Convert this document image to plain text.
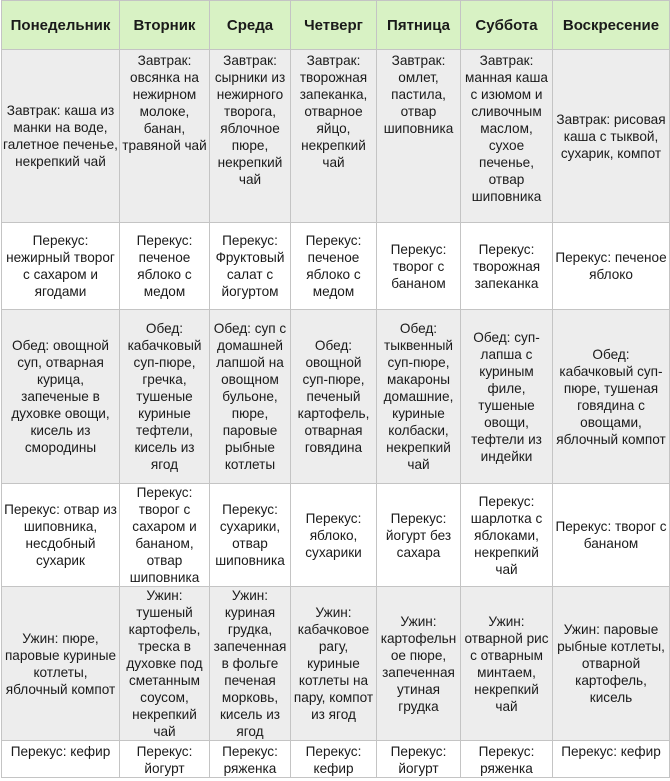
Понедельник	Вторник	Среда	Четверг	Пятница	Суббота	Воскресение

Завтрак: каша из манки на воде, галетное печенье, некрепкий чай	Завтрак: овсянка на нежирном молоке, банан, травяной чай	Завтрак: сырники из нежирного творога, яблочное пюре, некрепкий чай	Завтрак: творожная запеканка, отварное яйцо, некрепкий чай	Завтрак: омлет, пастила, отвар шиповника	Завтрак: манная каша с изюмом и сливочным маслом, сухое печенье, отвар шиповника	Завтрак: рисовая каша с тыквой, сухарик, компот

Перекус: нежирный творог с сахаром и ягодами	Перекус: печеное яблоко с медом	Перекус: Фруктовый салат с йогуртом	Перекус: печеное яблоко с медом	Перекус: творог с бананом	Перекус: творожная запеканка	Перекус: печеное яблоко

Обед: овощной суп, отварная курица, запеченые в духовке овощи, кисель из смородины	Обед: кабачковый суп-пюре, гречка, тушеные куриные тефтели, кисель из ягод	Обед: суп с домашней лапшой на овощном бульоне, пюре, паровые рыбные котлеты	Обед: овощной суп-пюре, печеный картофель, отварная говядина	Обед: тыквенный суп-пюре, макароны домашние, куриные колбаски, некрепкий чай	Обед: суп-лапша с куриным филе, тушеные овощи, тефтели из индейки	Обед: кабачковый суп-пюре, тушеная говядина с овощами, яблочный компот

Перекус: отвар из шиповника, несдобный сухарик	Перекус: творог с сахаром и бананом, отвар шиповника	Перекус: сухарики, отвар шиповника	Перекус: яблоко, сухарики	Перекус: йогурт без сахара	Перекус: шарлотка с яблоками, некрепкий чай	Перекус: творог с бананом

Ужин: пюре, паровые куриные котлеты, яблочный компот	Ужин: тушеный картофель, треска в духовке под сметанным соусом, некрепкий чай	Ужин: куриная грудка, запеченная в фольге печеная морковь, кисель из ягод	Ужин: кабачковое рагу, куриные котлеты на пару, компот из ягод	Ужин: картофельное пюре, запеченная утиная грудка	Ужин: отварной рис с отварным минтаем, некрепкий чай	Ужин: паровые рыбные котлеты, отварной картофель, кисель

Перекус: кефир	Перекус: йогурт	Перекус: ряженка	Перекус: кефир	Перекус: йогурт	Перекус: ряженка	Перекус: кефир
